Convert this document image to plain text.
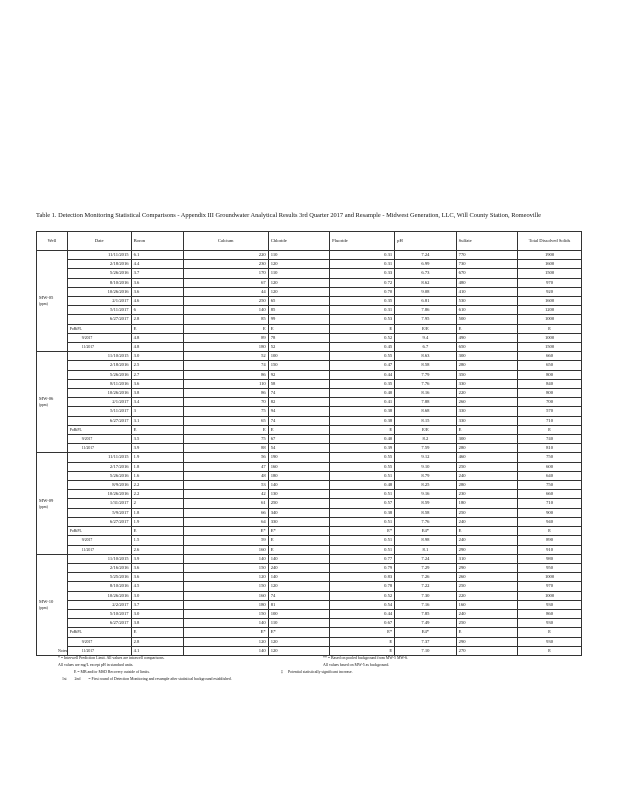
Table 1. Detection Monitoring Statistical Comparisons - Appendix III Groundwater Analytical Results 3rd Quarter 2017 and Resample - Midwest Generation, LLC, Will County Station, Romeoville
Well	Date	Boron	Calcium	Chloride	Fluoride	pH	Sulfate	Total Dissolved Solids

MW-05
(ppm)	11/11/2015	6.1	220	110	0.31	7.24	770	1900
	2/18/2016	4.4	230	120	0.31	6.99	730	1600
	5/26/2016	3.7	170	110	0.33	6.73	670	1500
	8/10/2016	3.6	67	120	0.72	8.62	480	970
	10/26/2016	3.6	44	120	0.70	9.08	410	920
	2/1/2017	4.6	250	65	0.35	6.81	530	1600
	5/11/2017	6	140	85	0.31	7.86	610	1200
	6/27/2017	2.8	85	99	0.53	7.95	500	1000
	PoBiPL	E	E	E	E	E/E	E	E
	9/2017	4.8	89	78	0.52	9.4	490	1000
	11/2017	4.8	180	52	0.45	6.7	650	1500

MW-06
(ppm)	11/10/2015	3.0	52	100	0.55	8.63	300	660
	2/18/2016	2.5	74	150	0.47	8.58	280	650
	5/26/2016	2.7	86	92	0.44	7.79	350	800
	8/11/2016	3.6	110	58	0.35	7.76	330	840
	10/26/2016	3.8	86	74	0.40	8.16	220	800
	2/1/2017	3.4	70	82	0.41	7.88	260	700
	5/11/2017	3	75	94	0.38	8.68	330	570
	6/27/2017	3.1	65	74	0.38	8.15	330	710
	PoBiPL	E	E	E	E	E/E	E	E
	9/2017	3.5	75	67	0.40	8.2	300	740
	11/2017	3.9	88	54	0.39	7.59	280	810

MW-09
(ppm)	11/11/2015	1.9	56	190	0.55	9.12	460	750
	2/17/2016	1.8	47	160	0.55	9.10	250	600
	5/26/2016	1.6	48	180	0.51	8.79	240	640
	8/9/2016	2.2	53	140	0.48	8.25	280	750
	10/26/2016	2.2	42	130	0.51	9.16	230	660
	1/31/2017	2	61	250	0.57	8.59	180	710
	5/9/2017	1.8	66	340	0.38	8.58	250	900
	6/27/2017	1.9	64	330	0.51	7.76	240	940
	PoBiPL	E	E*	E*	E*	E4*	E	E
	9/2017	1.5	59	E	0.51	8.98	240	890
	11/2017	2.6	160	E	0.51	8.1	290	910

MW-10
(ppm)	11/10/2015	3.9	140	140	0.77	7.24	310	980
	2/16/2016	3.6	150	240	0.79	7.29	290	950
	5/25/2016	3.6	120	140	0.83	7.26	260	1000
	8/10/2016	4.5	150	120	0.78	7.22	250	970
	10/26/2016	3.0	160	74	0.52	7.30	220	1000
	2/2/2017	3.7	180	81	0.54	7.16	160	930
	5/10/2017	3.0	150	100	0.44	7.85	240	860
	6/27/2017	3.8	140	110	0.67	7.49	250	930
	PoBiPL	E	E*	E*	E*	E4*	E	E
	9/2017	2.8	120	120	E	7.37	290	930
	11/2017	4.1	140	120	E	7.10	270	E
Notes:
* = Interwell Prediction Limit. All values are intrawell comparisons.	** = Based on pooled background from MW-5 MW-6.
All values are mg/L except pH in standard units.	All values based on MW-5 as background.
E = MB and/or MSD Recovery outside of limits.	‡ Potential statistically significant increase.
1st 2nd = First round of Detection Monitoring and resample after statistical background established.
